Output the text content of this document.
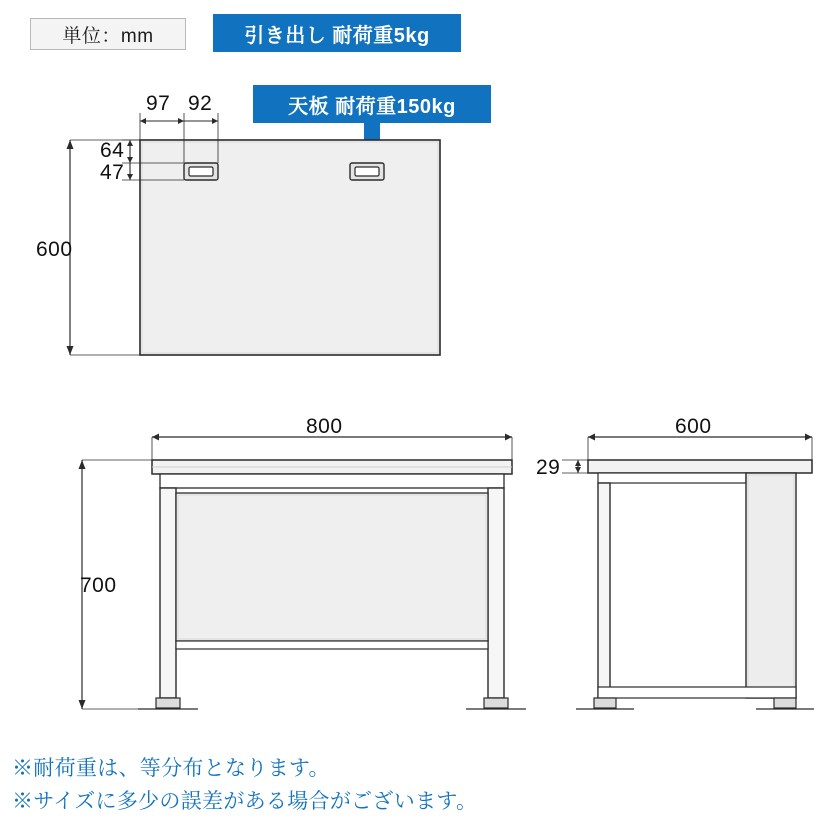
単位：mm	引き出し 耐荷重5kg
天板 耐荷重150kg
600
64
47
97 92
800
700
600
29
※耐荷重は、等分布となります。
※サイズに多少の誤差がある場合がございます。
